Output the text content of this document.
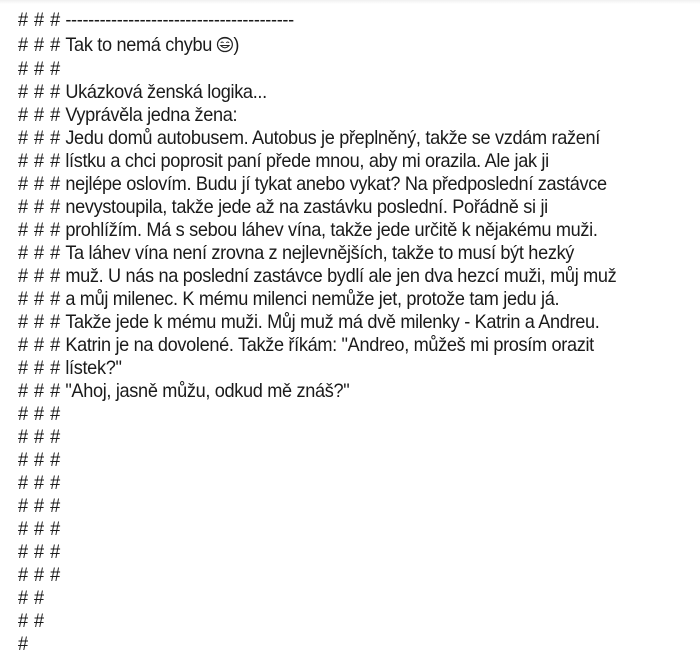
# # # ----------------------------------------
# # # Tak to nemá chybu )
# # #
# # # Ukázková ženská logika...
# # # Vyprávěla jedna žena:
# # # Jedu domů autobusem. Autobus je přeplněný, takže se vzdám ražení
# # # lístku a chci poprosit paní přede mnou, aby mi orazila. Ale jak ji
# # # nejlépe oslovím. Budu jí tykat anebo vykat? Na předposlední zastávce
# # # nevystoupila, takže jede až na zastávku poslední. Pořádně si ji
# # # prohlížím. Má s sebou láhev vína, takže jede určitě k nějakému muži.
# # # Ta láhev vína není zrovna z nejlevnějších, takže to musí být hezký
# # # muž. U nás na poslední zastávce bydlí ale jen dva hezcí muži, můj muž
# # # a můj milenec. K mému milenci nemůže jet, protože tam jedu já.
# # # Takže jede k mému muži. Můj muž má dvě milenky - Katrin a Andreu.
# # # Katrin je na dovolené. Takže říkám: "Andreo, můžeš mi prosím orazit
# # # lístek?"
# # # "Ahoj, jasně můžu, odkud mě znáš?"
# # #
# # #
# # #
# # #
# # #
# # #
# # #
# # #
# #
# #
#
